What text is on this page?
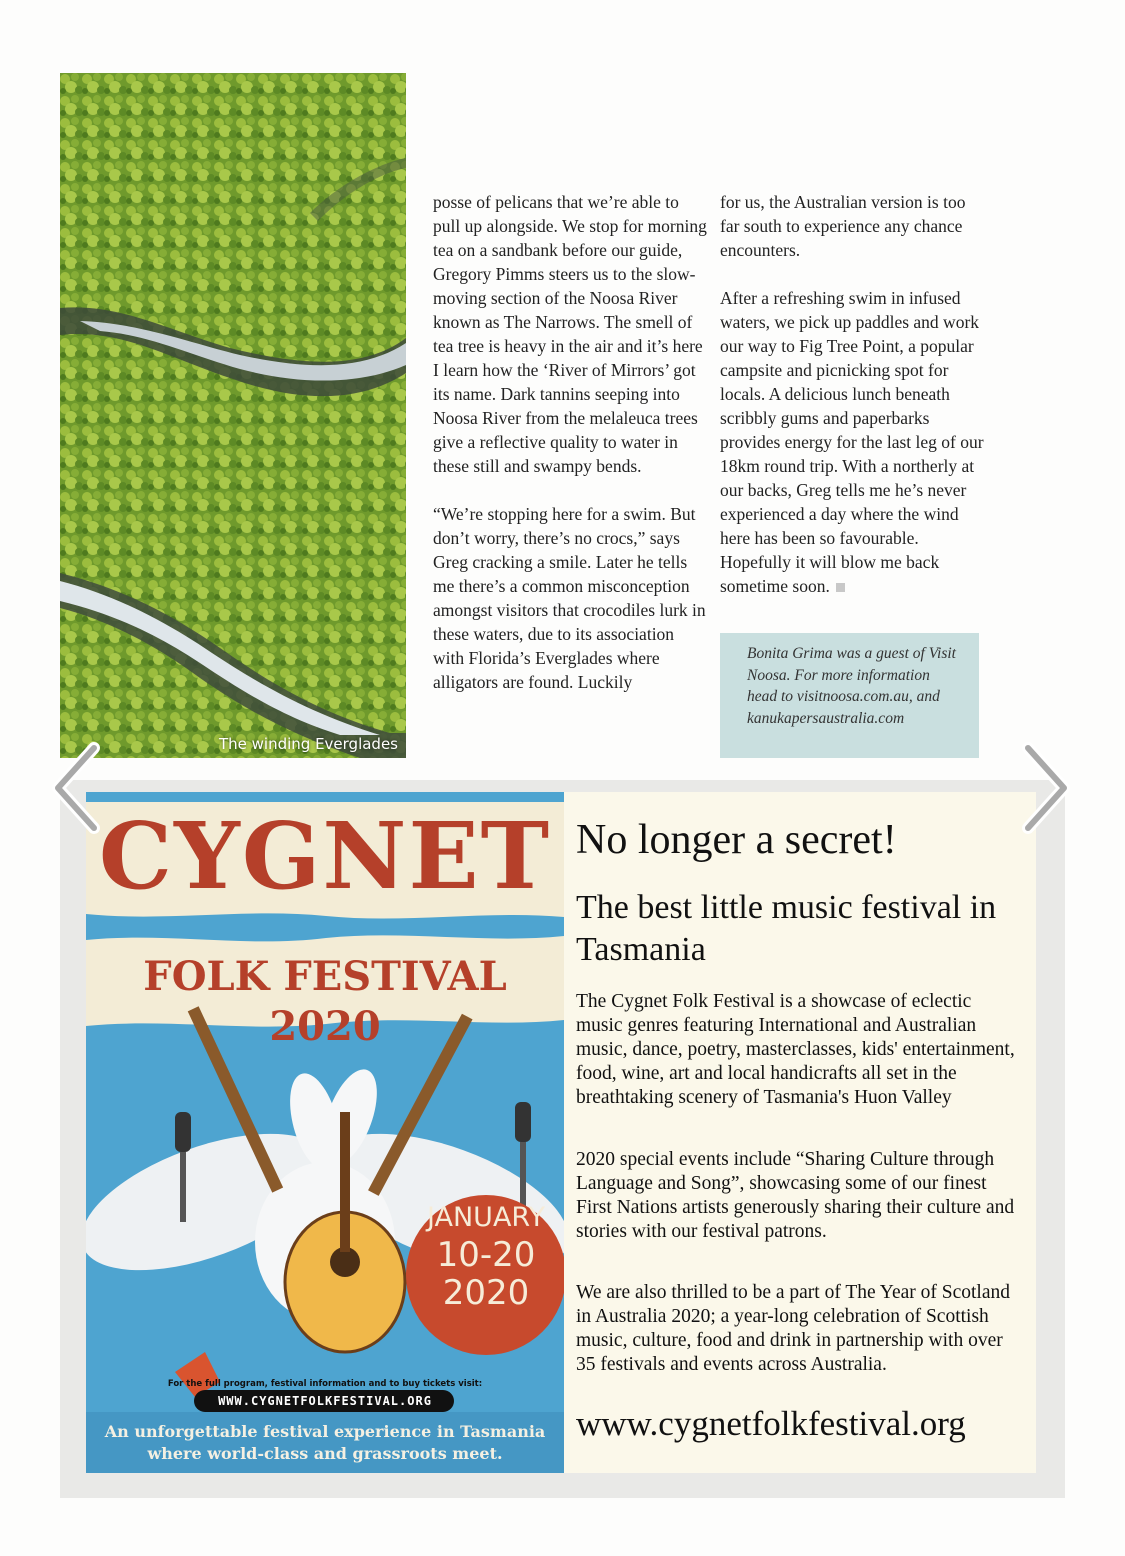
The winding Everglades

posse of pelicans that we’re able to pull up alongside. We stop for morning tea on a sandbank before our guide, Gregory Pimms steers us to the slow-moving section of the Noosa River known as The Narrows. The smell of tea tree is heavy in the air and it’s here I learn how the ‘River of Mirrors’ got its name. Dark tannins seeping into Noosa River from the melaleuca trees give a reflective quality to water in these still and swampy bends.

“We’re stopping here for a swim. But don’t worry, there’s no crocs,” says Greg cracking a smile. Later he tells me there’s a common misconception amongst visitors that crocodiles lurk in these waters, due to its association with Florida’s Everglades where alligators are found. Luckily

for us, the Australian version is too far south to experience any chance encounters.

After a refreshing swim in infused waters, we pick up paddles and work our way to Fig Tree Point, a popular campsite and picnicking spot for locals. A delicious lunch beneath scribbly gums and paperbarks provides energy for the last leg of our 18km round trip. With a northerly at our backs, Greg tells me he’s never experienced a day where the wind here has been so favourable. Hopefully it will blow me back sometime soon.

Bonita Grima was a guest of Visit Noosa. For more information head to visitnoosa.com.au, and kanukapersaustralia.com
CYGNET
FOLK FESTIVAL 2020
JANUARY
10-20
2020
For the full program, festival information and to buy tickets visit:
WWW.CYGNETFOLKFESTIVAL.ORG
An unforgettable festival experience in Tasmania
where world-class and grassroots meet.
No longer a secret!
The best little music festival in Tasmania
The Cygnet Folk Festival is a showcase of eclectic music genres featuring International and Australian music, dance, poetry, masterclasses, kids' entertainment, food, wine, art and local handicrafts all set in the breathtaking scenery of Tasmania's Huon Valley
2020 special events include “Sharing Culture through Language and Song”, showcasing some of our finest First Nations artists generously sharing their culture and stories with our festival patrons.
We are also thrilled to be a part of The Year of Scotland in Australia 2020; a year-long celebration of Scottish music, culture, food and drink in partnership with over 35 festivals and events across Australia.
www.cygnetfolkfestival.org
